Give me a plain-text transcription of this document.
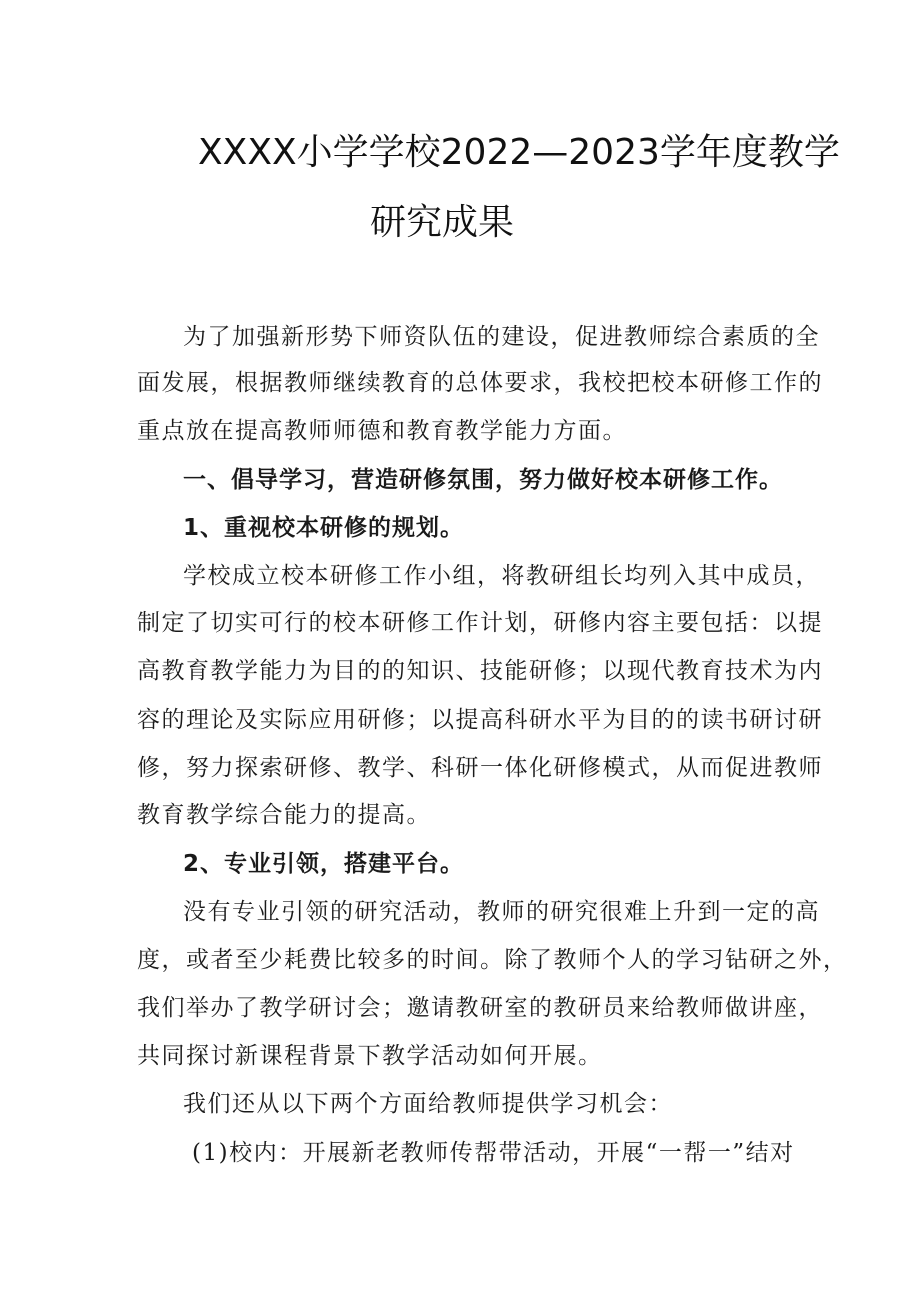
XXXX小学学校2022—2023学年度教学
研究成果
为了加强新形势下师资队伍的建设，促进教师综合素质的全
面发展，根据教师继续教育的总体要求，我校把校本研修工作的
重点放在提高教师师德和教育教学能力方面。
一、倡导学习，营造研修氛围，努力做好校本研修工作。
1、重视校本研修的规划。
学校成立校本研修工作小组，将教研组长均列入其中成员，
制定了切实可行的校本研修工作计划，研修内容主要包括：以提
高教育教学能力为目的的知识、技能研修；以现代教育技术为内
容的理论及实际应用研修；以提高科研水平为目的的读书研讨研
修，努力探索研修、教学、科研一体化研修模式，从而促进教师
教育教学综合能力的提高。
2、专业引领，搭建平台。
没有专业引领的研究活动，教师的研究很难上升到一定的高
度，或者至少耗费比较多的时间。除了教师个人的学习钻研之外，
我们举办了教学研讨会；邀请教研室的教研员来给教师做讲座，
共同探讨新课程背景下教学活动如何开展。
我们还从以下两个方面给教师提供学习机会：
(1)校内：开展新老教师传帮带活动，开展“一帮一”结对
